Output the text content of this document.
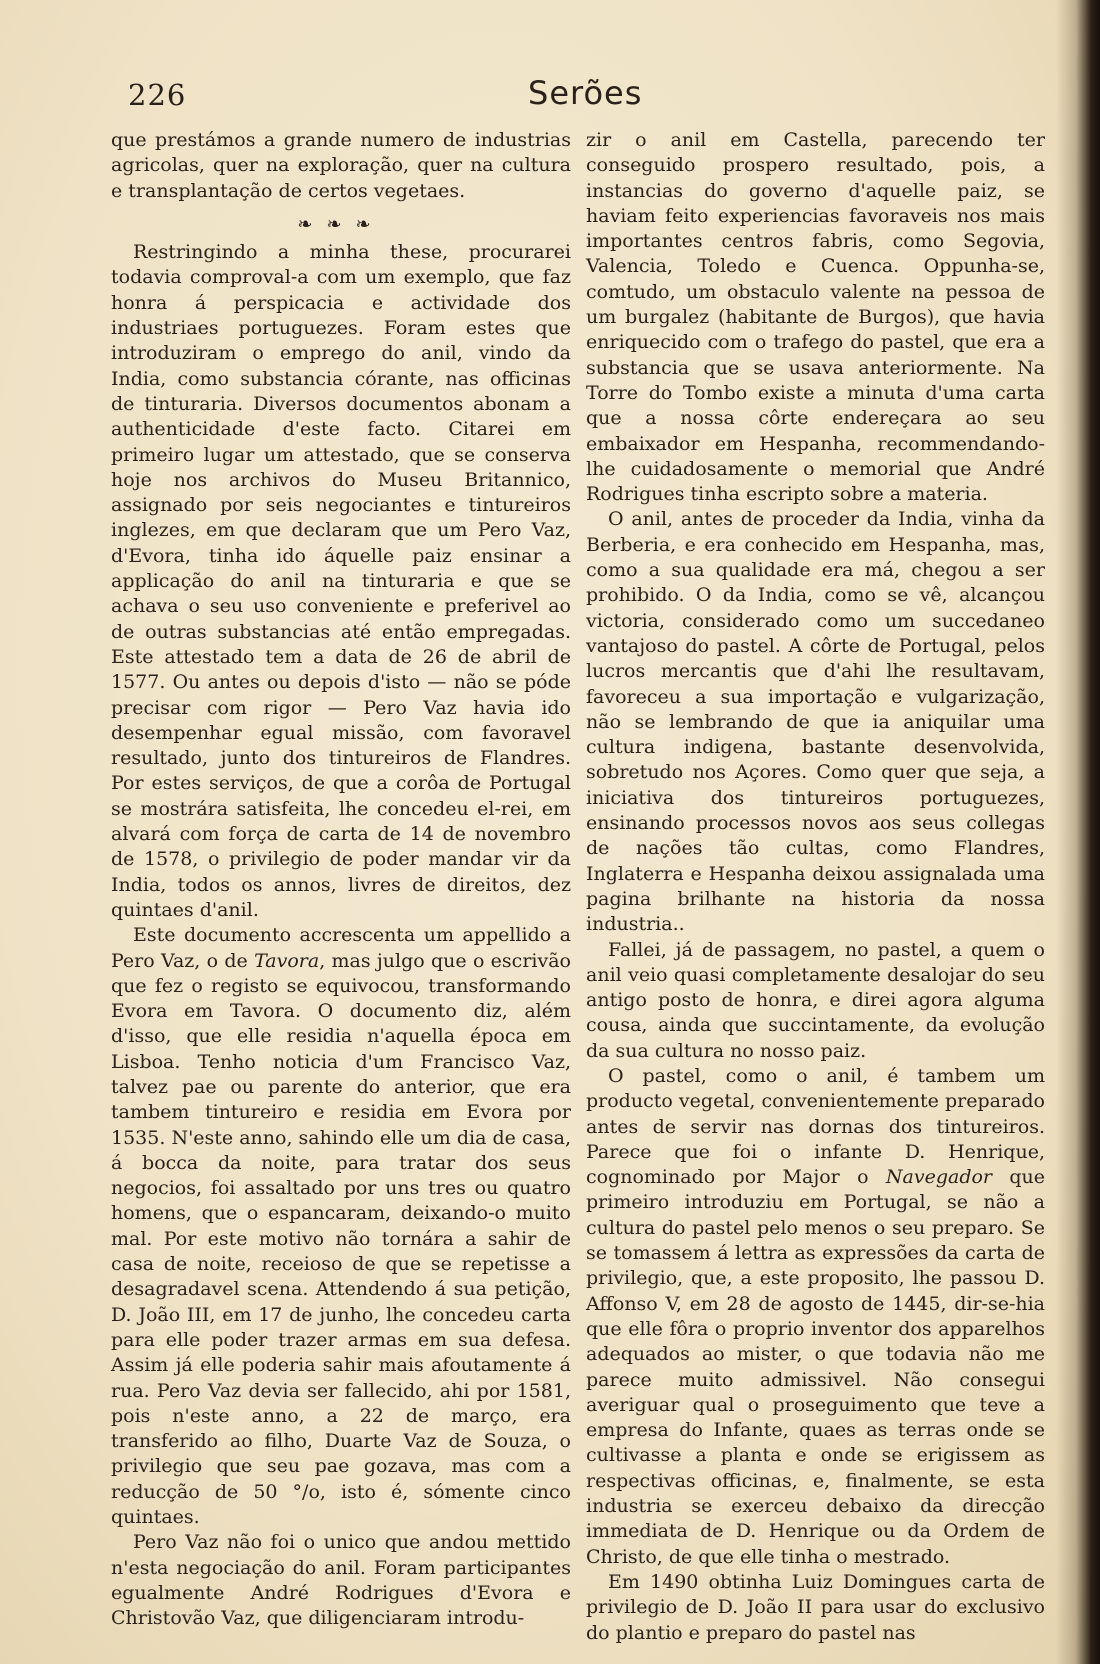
226	Serões

que prestámos a grande numero de industrias agricolas, quer na exploração, quer na cultura e transplantação de certos vegetaes.

❧❧❧

Restringindo a minha these, procurarei todavia comproval-a com um exemplo, que faz honra á perspicacia e actividade dos industriaes portuguezes. Foram estes que introduziram o emprego do anil, vindo da India, como substancia córante, nas officinas de tinturaria. Diversos documentos abonam a authenticidade d'este facto. Citarei em primeiro lugar um attestado, que se conserva hoje nos archivos do Museu Britannico, assignado por seis negociantes e tintureiros inglezes, em que declaram que um Pero Vaz, d'Evora, tinha ido áquelle paiz ensinar a applicação do anil na tinturaria e que se achava o seu uso conveniente e preferivel ao de outras substancias até então empregadas. Este attestado tem a data de 26 de abril de 1577. Ou antes ou depois d'isto — não se póde precisar com rigor — Pero Vaz havia ido desempenhar egual missão, com favoravel resultado, junto dos tintureiros de Flandres. Por estes serviços, de que a corôa de Portugal se mostrára satisfeita, lhe concedeu el-rei, em alvará com força de carta de 14 de novembro de 1578, o privilegio de poder mandar vir da India, todos os annos, livres de direitos, dez quintaes d'anil.

Este documento accrescenta um appellido a Pero Vaz, o de Tavora, mas julgo que o escrivão que fez o registo se equivocou, transformando Evora em Tavora. O documento diz, além d'isso, que elle residia n'aquella época em Lisboa. Tenho noticia d'um Francisco Vaz, talvez pae ou parente do anterior, que era tambem tintureiro e residia em Evora por 1535. N'este anno, sahindo elle um dia de casa, á bocca da noite, para tratar dos seus negocios, foi assaltado por uns tres ou quatro homens, que o espancaram, deixando-o muito mal. Por este motivo não tornára a sahir de casa de noite, receioso de que se repetisse a desagradavel scena. Attendendo á sua petição, D. João III, em 17 de junho, lhe concedeu carta para elle poder trazer armas em sua defesa. Assim já elle poderia sahir mais afoutamente á rua. Pero Vaz devia ser fallecido, ahi por 1581, pois n'este anno, a 22 de março, era transferido ao filho, Duarte Vaz de Souza, o privilegio que seu pae gozava, mas com a reducção de 50 °/o, isto é, sómente cinco quintaes.

Pero Vaz não foi o unico que andou mettido n'esta negociação do anil. Foram participantes egualmente André Rodrigues d'Evora e Christovão Vaz, que diligenciaram introdu-

zir o anil em Castella, parecendo ter conseguido prospero resultado, pois, a instancias do governo d'aquelle paiz, se haviam feito experiencias favoraveis nos mais importantes centros fabris, como Segovia, Valencia, Toledo e Cuenca. Oppunha-se, comtudo, um obstaculo valente na pessoa de um burgalez (habitante de Burgos), que havia enriquecido com o trafego do pastel, que era a substancia que se usava anteriormente. Na Torre do Tombo existe a minuta d'uma carta que a nossa côrte endereçara ao seu embaixador em Hespanha, recommendando-lhe cuidadosamente o memorial que André Rodrigues tinha escripto sobre a materia.

O anil, antes de proceder da India, vinha da Berberia, e era conhecido em Hespanha, mas, como a sua qualidade era má, chegou a ser prohibido. O da India, como se vê, alcançou victoria, considerado como um succedaneo vantajoso do pastel. A côrte de Portugal, pelos lucros mercantis que d'ahi lhe resultavam, favoreceu a sua importação e vulgarização, não se lembrando de que ia aniquilar uma cultura indigena, bastante desenvolvida, sobretudo nos Açores. Como quer que seja, a iniciativa dos tintureiros portuguezes, ensinando processos novos aos seus collegas de nações tão cultas, como Flandres, Inglaterra e Hespanha deixou assignalada uma pagina brilhante na historia da nossa industria..

Fallei, já de passagem, no pastel, a quem o anil veio quasi completamente desalojar do seu antigo posto de honra, e direi agora alguma cousa, ainda que succintamente, da evolução da sua cultura no nosso paiz.

O pastel, como o anil, é tambem um producto vegetal, convenientemente preparado antes de servir nas dornas dos tintureiros. Parece que foi o infante D. Henrique, cognominado por Major o Navegador que primeiro introduziu em Portugal, se não a cultura do pastel pelo menos o seu preparo. Se se tomassem á lettra as expressões da carta de privilegio, que, a este proposito, lhe passou D. Affonso V, em 28 de agosto de 1445, dir-se-hia que elle fôra o proprio inventor dos apparelhos adequados ao mister, o que todavia não me parece muito admissivel. Não consegui averiguar qual o proseguimento que teve a empresa do Infante, quaes as terras onde se cultivasse a planta e onde se erigissem as respectivas officinas, e, finalmente, se esta industria se exerceu debaixo da direcção immediata de D. Henrique ou da Ordem de Christo, de que elle tinha o mestrado.

Em 1490 obtinha Luiz Domingues carta de privilegio de D. João II para usar do exclusivo do plantio e preparo do pastel nas
